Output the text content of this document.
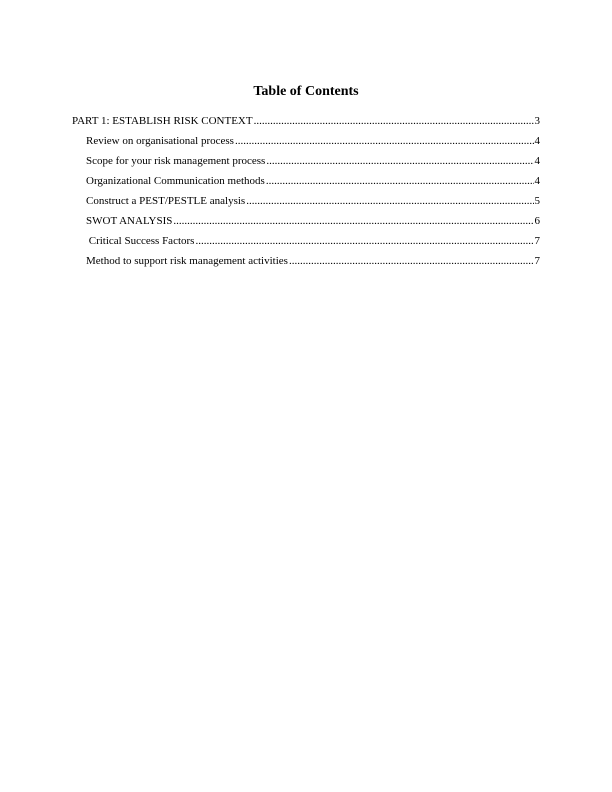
Table of Contents
PART 1: ESTABLISH RISK CONTEXT .....	3
Review on organisational process .....	4
Scope for your risk management process .....	4
Organizational Communication methods .....	4
Construct a PEST/PESTLE analysis .....	5
SWOT ANALYSIS .....	6
Critical Success Factors .....	7
Method to support risk management activities .....	7
